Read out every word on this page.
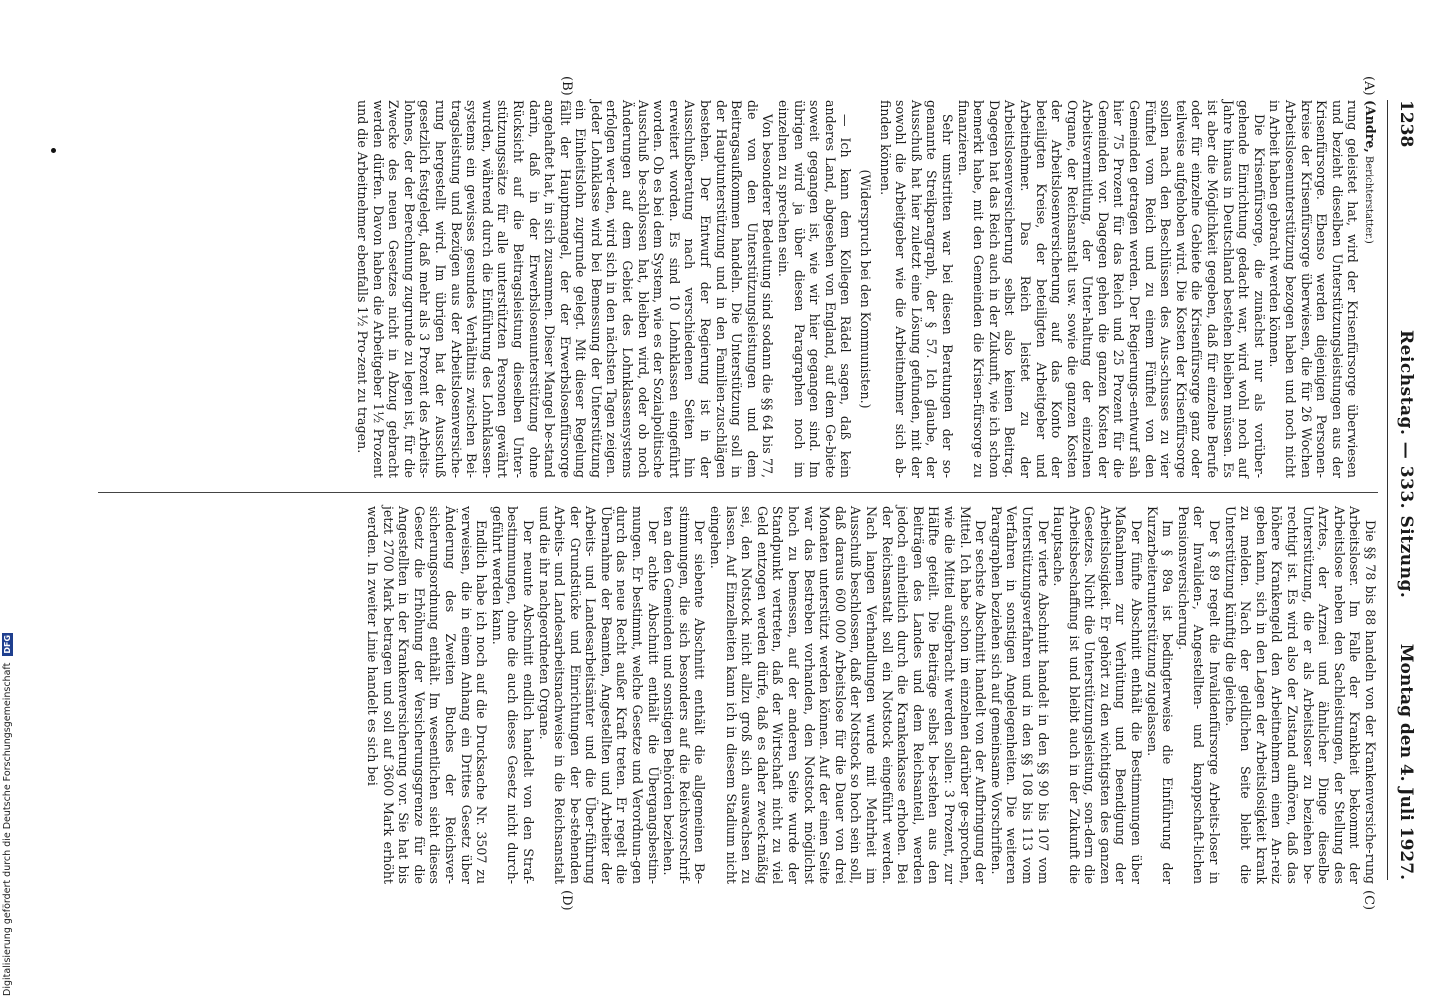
1238
Reichstag. — 333. Sitzung.
Montag den 4. Juli 1927.
(A)
(B)
(C)
(D)

(Andre, Berichterstatter.)

rung geleistet hat, wird der Krisenfürsorge überwiesen und bezieht dieselben Unterstützungsleistungen aus der Krisenfürsorge. Ebenso werden diejenigen Personen-kreise der Krisenfürsorge überwiesen, die für 26 Wochen Arbeitslosenunterstützung bezogen haben und noch nicht in Arbeit haben gebracht werden können.

Die Krisenfürsorge, die zunächst nur als vorüber-gehende Einrichtung gedacht war, wird wohl noch auf Jahre hinaus in Deutschland bestehen bleiben müssen. Es ist aber die Möglichkeit gegeben, daß für einzelne Berufe oder für einzelne Gebiete die Krisenfürsorge ganz oder teilweise aufgehoben wird. Die Kosten der Krisenfürsorge sollen nach den Beschlüssen des Aus-schusses zu vier Fünftel vom Reich und zu einem Fünftel von den Gemeinden getragen werden. Der Regierungs-entwurf sah hier 75 Prozent für das Reich und 25 Prozent für die Gemeinden vor. Dagegen gehen die ganzen Kosten der Arbeitsvermittlung, der Unter-haltung der einzelnen Organe, der Reichsanstalt usw. sowie die ganzen Kosten der Arbeitslosenversicherung auf das Konto der beteiligten Kreise, der beteiligten Arbeitgeber und Arbeitnehmer. Das Reich leistet zu der Arbeitslosenversicherung selbst also keinen Beitrag. Dagegen hat das Reich auch in der Zukunft, wie ich schon bemerkt habe, mit den Gemeinden die Krisen-fürsorge zu finanzieren.

Sehr umstritten war bei diesen Beratungen der so-genannte Streikparagraph, der § 57. Ich glaube, der Ausschuß hat hier zuletzt eine Lösung gefunden, mit der sowohl die Arbeitgeber wie die Arbeitnehmer sich ab-finden können.

(Widerspruch bei den Kommunisten.)

— Ich kann dem Kollegen Rädel sagen, daß kein anderes Land, abgesehen von England, auf dem Ge-biete soweit gegangen ist, wie wir hier gegangen sind. Im übrigen wird ja über diesen Paragraphen noch im einzelnen zu sprechen sein.

Von besonderer Bedeutung sind sodann die §§ 64 bis 77, die von den Unterstützungsleistungen und dem Beitragsaufkommen handeln. Die Unterstützung soll in der Hauptunterstützung und in den Familien-zuschlägen bestehen. Der Entwurf der Regierung ist in der Ausschußberatung nach verschiedenen Seiten hin erweitert worden. Es sind 10 Lohnklassen eingeführt worden. Ob es bei dem System, wie es der Sozialpolitische Ausschuß be-schlossen hat, bleiben wird, oder ob noch Änderungen auf dem Gebiet des Lohnklassensystems erfolgen wer-den, wird sich in den nächsten Tagen zeigen. Jeder Lohnklasse wird bei Bemessung der Unterstützung ein Einheitslohn zugrunde gelegt. Mit dieser Regelung fällt der Hauptmangel, der der Erwerbslosenfürsorge angehaftet hat, in sich zusammen. Dieser Mangel be-stand darin, daß in der Erwerbslosenunterstützung ohne Rücksicht auf die Beitragsleistung dieselben Unter-stützungssätze für alle unterstützten Personen gewährt wurden, während durch die Einführung des Lohnklassen-systems ein gewisses gesundes Verhältnis zwischen Bei-tragsleistung und Bezügen aus der Arbeitslosenversiche-rung hergestellt wird. Im übrigen hat der Ausschuß gesetzlich festgelegt, daß mehr als 3 Prozent des Arbeits-lohnes, der der Berechnung zugrunde zu legen ist, für die Zwecke des neuen Gesetzes nicht in Abzug gebracht werden dürfen. Davon haben die Arbeitgeber 1½ Prozent und die Arbeitnehmer ebenfalls 1½ Pro-zent zu tragen.

Die §§ 78 bis 88 handeln von der Krankenversiche-rung Arbeitsloser. Im Falle der Krankheit bekommt der Arbeitslose neben den Sachleistungen, der Stellung des Arztes, der Arznei und ähnlicher Dinge dieselbe Unterstützung, die er als Arbeitsloser zu beziehen be-rechtigt ist. Es wird also der Zustand aufhören, daß das höhere Krankengeld den Arbeitnehmern einen An-reiz geben kann, sich in den Lagen der Arbeitslosigkeit krank zu melden. Nach der geldlichen Seite bleibt die Unterstützung künftig die gleiche.

Der § 89 regelt die Invalidenfürsorge Arbeits-loser in der Invaliden-, Angestellten- und knappschaft-lichen Pensionsversicherung.

Im § 89a ist bedingterweise die Einführung der Kurzarbeiterunterstützung zugelassen.

Der fünfte Abschnitt enthält die Bestimmungen über Maßnahmen zur Verhütung und Beendigung der Arbeitslosigkeit. Er gehört zu den wichtigsten des ganzen Gesetzes. Nicht die Unterstützungsleistung, son-dern die Arbeitsbeschaffung ist und bleibt auch in der Zukunft die Hauptsache.

Der vierte Abschnitt handelt in den §§ 90 bis 107 vom Unterstützungsverfahren und in den §§ 108 bis 113 vom Verfahren in sonstigen Angelegenheiten. Die weiteren Paragraphen beziehen sich auf gemeinsame Vorschriften.

Der sechste Abschnitt handelt von der Aufbringung der Mittel. Ich habe schon im einzelnen darüber ge-sprochen, wie die Mittel aufgebracht werden sollen: 3 Prozent, zur Hälfte geteilt. Die Beiträge selbst be-stehen aus den Beiträgen des Landes und dem Reichsanteil, werden jedoch einheitlich durch die Krankenkasse erhoben. Bei der Reichsanstalt soll ein Notstock eingeführt werden. Nach langen Verhandlungen wurde mit Mehrheit im Ausschuß beschlossen, daß der Notstock so hoch sein soll, daß daraus 600 000 Arbeitslose für die Dauer von drei Monaten unterstützt werden können. Auf der einen Seite war das Bestreben vorhanden, den Notstock möglichst hoch zu bemessen, auf der anderen Seite wurde der Standpunkt vertreten, daß der Wirtschaft nicht zu viel Geld entzogen werden dürfe, daß es daher zweck-mäßig sei, den Notstock nicht allzu groß sich auswachsen zu lassen. Auf Einzelheiten kann ich in diesem Stadium nicht eingehen.

Der siebente Abschnitt enthält die allgemeinen Be-stimmungen, die sich besonders auf die Reichsvorschrif-ten an den Gemeinden und sonstigen Behörden beziehen.

Der achte Abschnitt enthält die Übergangsbestim-mungen. Er bestimmt, welche Gesetze und Verordnun-gen durch das neue Recht außer Kraft treten. Er regelt die Übernahme der Beamten, Angestellten und Arbeiter der Arbeits- und Landesarbeitsämter und die Über-führung der Grundstücke und Einrichtungen der be-stehenden Arbeits- und Landesarbeitsnachweise in die Reichsanstalt und die ihr nachgeordneten Organe.

Der neunte Abschnitt endlich handelt von den Straf-bestimmungen, ohne die auch dieses Gesetz nicht durch-geführt werden kann.

Endlich habe ich noch auf die Drucksache Nr. 3507 zu verweisen, die in einem Anhang ein Drittes Gesetz über Änderung des Zweiten Buches der Reichsver-sicherungsordnung enthält. Im wesentlichen sieht dieses Gesetz die Erhöhung der Versicherungsgrenze für die Angestellten in der Krankenversicherung vor. Sie hat bis jetzt 2700 Mark betragen und soll auf 3600 Mark erhöht werden. In zweiter Linie handelt es sich bei

Digitalisierung gefördert durch die Deutsche Forschungsgemeinschaft DFG
